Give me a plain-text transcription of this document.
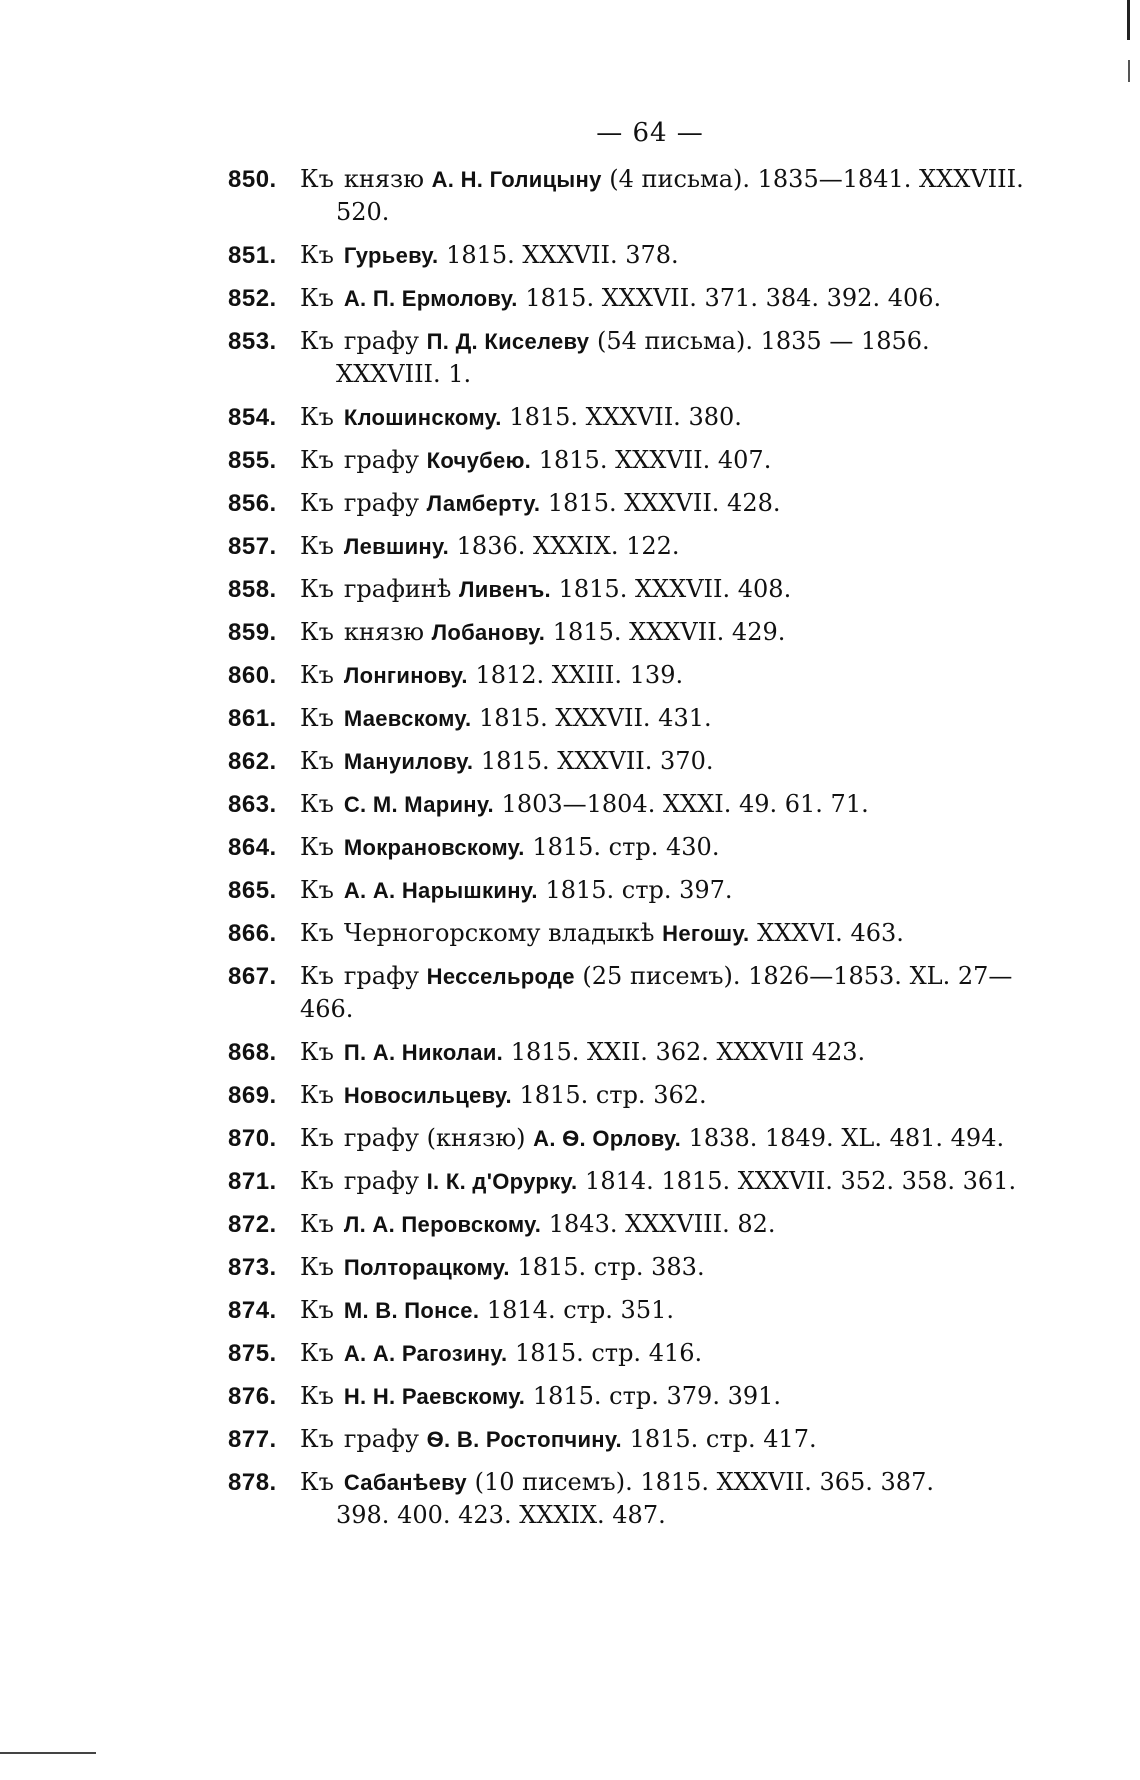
— 64 —
850. Къ князю А. Н. Голицыну (4 письма). 1835—1841. XXXVIII.
520.
851. Къ Гурьеву. 1815. XXXVII. 378.
852. Къ А. П. Ермолову. 1815. XXXVII. 371. 384. 392. 406.
853. Къ графу П. Д. Киселеву (54 письма). 1835 — 1856.
XXXVIII. 1.
854. Къ Клошинскому. 1815. XXXVII. 380.
855. Къ графу Кочубею. 1815. XXXVII. 407.
856. Къ графу Ламберту. 1815. XXXVII. 428.
857. Къ Левшину. 1836. XXXIX. 122.
858. Къ графинѣ Ливенъ. 1815. XXXVII. 408.
859. Къ князю Лобанову. 1815. XXXVII. 429.
860. Къ Лонгинову. 1812. XXIII. 139.
861. Къ Маевскому. 1815. XXXVII. 431.
862. Къ Мануилову. 1815. XXXVII. 370.
863. Къ С. М. Марину. 1803—1804. XXXI. 49. 61. 71.
864. Къ Мокрановскому. 1815. стр. 430.
865. Къ А. А. Нарышкину. 1815. стр. 397.
866. Къ Черногорскому владыкѣ Негошу. XXXVI. 463.
867. Къ графу Нессельроде (25 писемъ). 1826—1853. XL. 27—466.
868. Къ П. А. Николаи. 1815. XXII. 362. XXXVII 423.
869. Къ Новосильцеву. 1815. стр. 362.
870. Къ графу (князю) А. Ѳ. Орлову. 1838. 1849. XL. 481. 494.
871. Къ графу І. К. д'Орурку. 1814. 1815. XXXVII. 352. 358. 361.
872. Къ Л. А. Перовскому. 1843. XXXVIII. 82.
873. Къ Полторацкому. 1815. стр. 383.
874. Къ М. В. Понсе. 1814. стр. 351.
875. Къ А. А. Рагозину. 1815. стр. 416.
876. Къ Н. Н. Раевскому. 1815. стр. 379. 391.
877. Къ графу Ѳ. В. Ростопчину. 1815. стр. 417.
878. Къ Сабанѣеву (10 писемъ). 1815. XXXVII. 365. 387.
398. 400. 423. XXXIX. 487.
